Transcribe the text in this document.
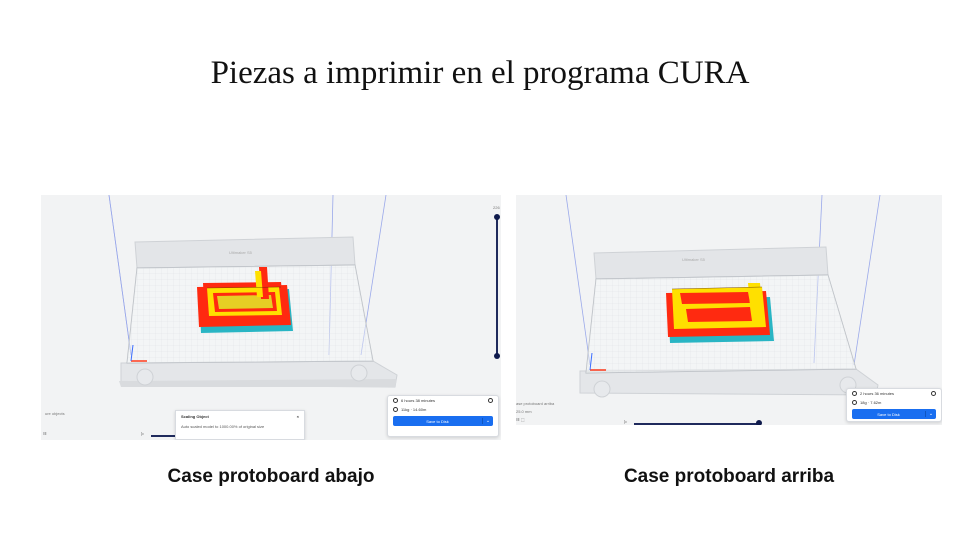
Piezas a imprimir en el programa CURA
226
ure objects
☷	▷
Scaling Object	×
Auto scaled model to 1000.00% of original size
6 hours 38 minutes
11kg · 14.60m
Save to Disk	⌄
Ultimaker S5
Ultimaker S5
ase protoboard arriba
25.0 mm
☷ ⬚	▷
2 hours 36 minutes
18g · 7.62m
Save to Disk	⌄
Case protoboard abajo	Case protoboard arriba
